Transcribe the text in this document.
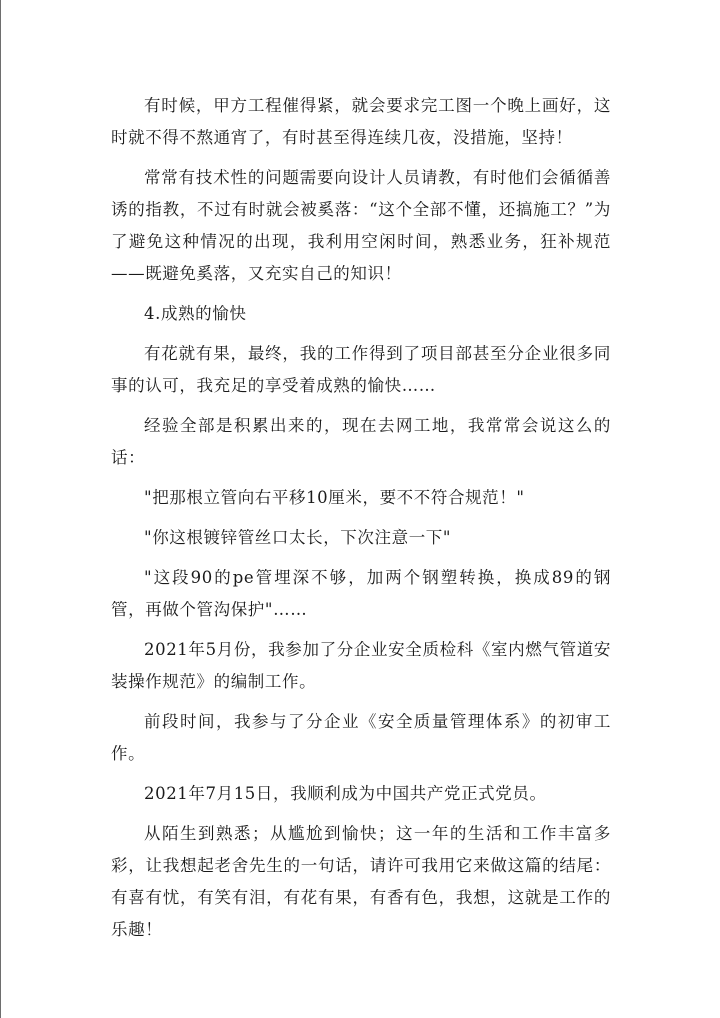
有时候，甲方工程催得紧，就会要求完工图一个晚上画好，这时就不得不熬通宵了，有时甚至得连续几夜，没措施，坚持！

常常有技术性的问题需要向设计人员请教，有时他们会循循善诱的指教，不过有时就会被奚落：“这个全部不懂，还搞施工？”为了避免这种情况的出现，我利用空闲时间，熟悉业务，狂补规范——既避免奚落，又充实自己的知识！

4.成熟的愉快

有花就有果，最终，我的工作得到了项目部甚至分企业很多同事的认可，我充足的享受着成熟的愉快……

经验全部是积累出来的，现在去网工地，我常常会说这么的话：

"把那根立管向右平移10厘米，要不不符合规范！"

"你这根镀锌管丝口太长，下次注意一下"

"这段90的pe管埋深不够，加两个钢塑转换，换成89的钢管，再做个管沟保护"……

2021年5月份，我参加了分企业安全质检科《室内燃气管道安装操作规范》的编制工作。

前段时间，我参与了分企业《安全质量管理体系》的初审工作。

2021年7月15日，我顺利成为中国共产党正式党员。

从陌生到熟悉；从尴尬到愉快；这一年的生活和工作丰富多彩，让我想起老舍先生的一句话，请许可我用它来做这篇的结尾：有喜有忧，有笑有泪，有花有果，有香有色，我想，这就是工作的乐趣！
